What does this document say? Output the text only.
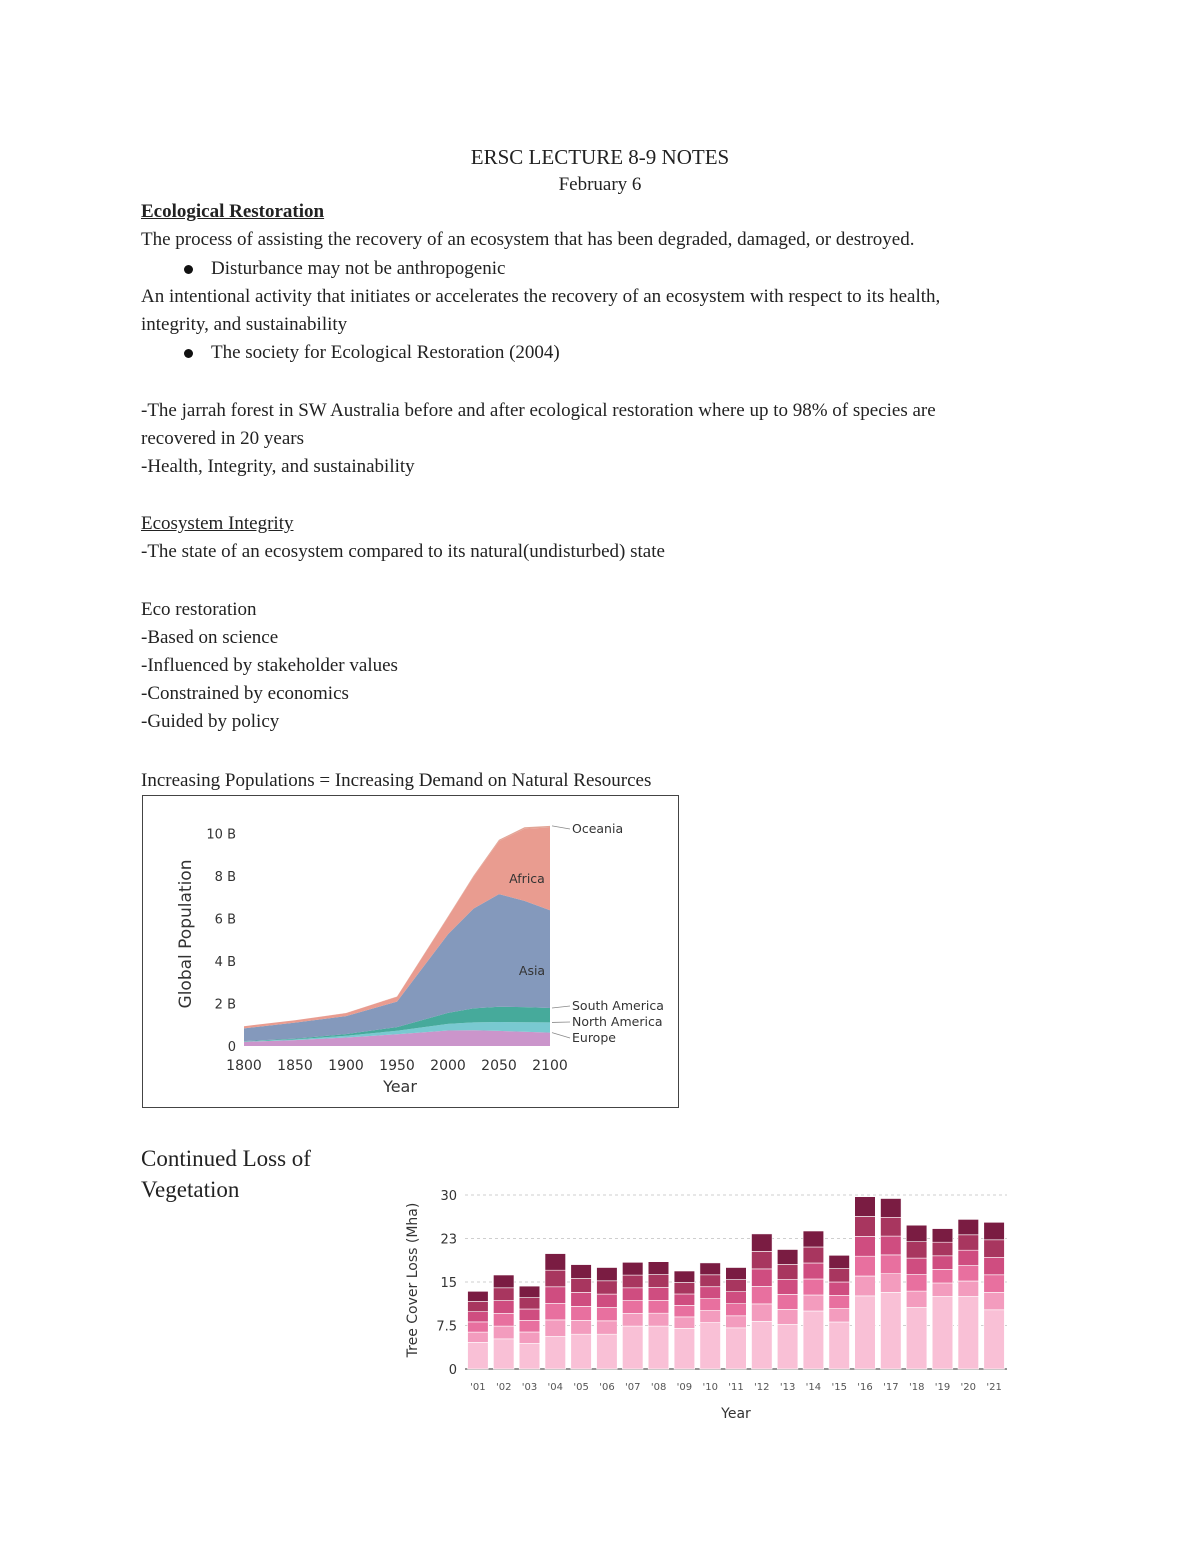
ERSC LECTURE 8-9 NOTES
February 6
Ecological Restoration
The process of assisting the recovery of an ecosystem that has been degraded, damaged, or destroyed.
Disturbance may not be anthropogenic
An intentional activity that initiates or accelerates the recovery of an ecosystem with respect to its health,
integrity, and sustainability
The society for Ecological Restoration (2004)
-The jarrah forest in SW Australia before and after ecological restoration where up to 98% of species are
recovered in 20 years
-Health, Integrity, and sustainability
Ecosystem Integrity
-The state of an ecosystem compared to its natural(undisturbed) state
Eco restoration
-Based on science
-Influenced by stakeholder values
-Constrained by economics
-Guided by policy
Increasing Populations = Increasing Demand on Natural Resources
0
2 B
4 B
6 B
8 B
10 B
1800 1850 1900 1950 2000 2050 2100
Year
Global Population
Oceania
South America
North America
Europe
Africa
Asia
Continued Loss of
Vegetation
0
7.5
15
23
30
'01 '02 '03 '04 '05 '06 '07 '08 '09 '10 '11 '12 '13 '14 '15 '16 '17 '18 '19 '20 '21
Year
Tree Cover Loss (Mha)
